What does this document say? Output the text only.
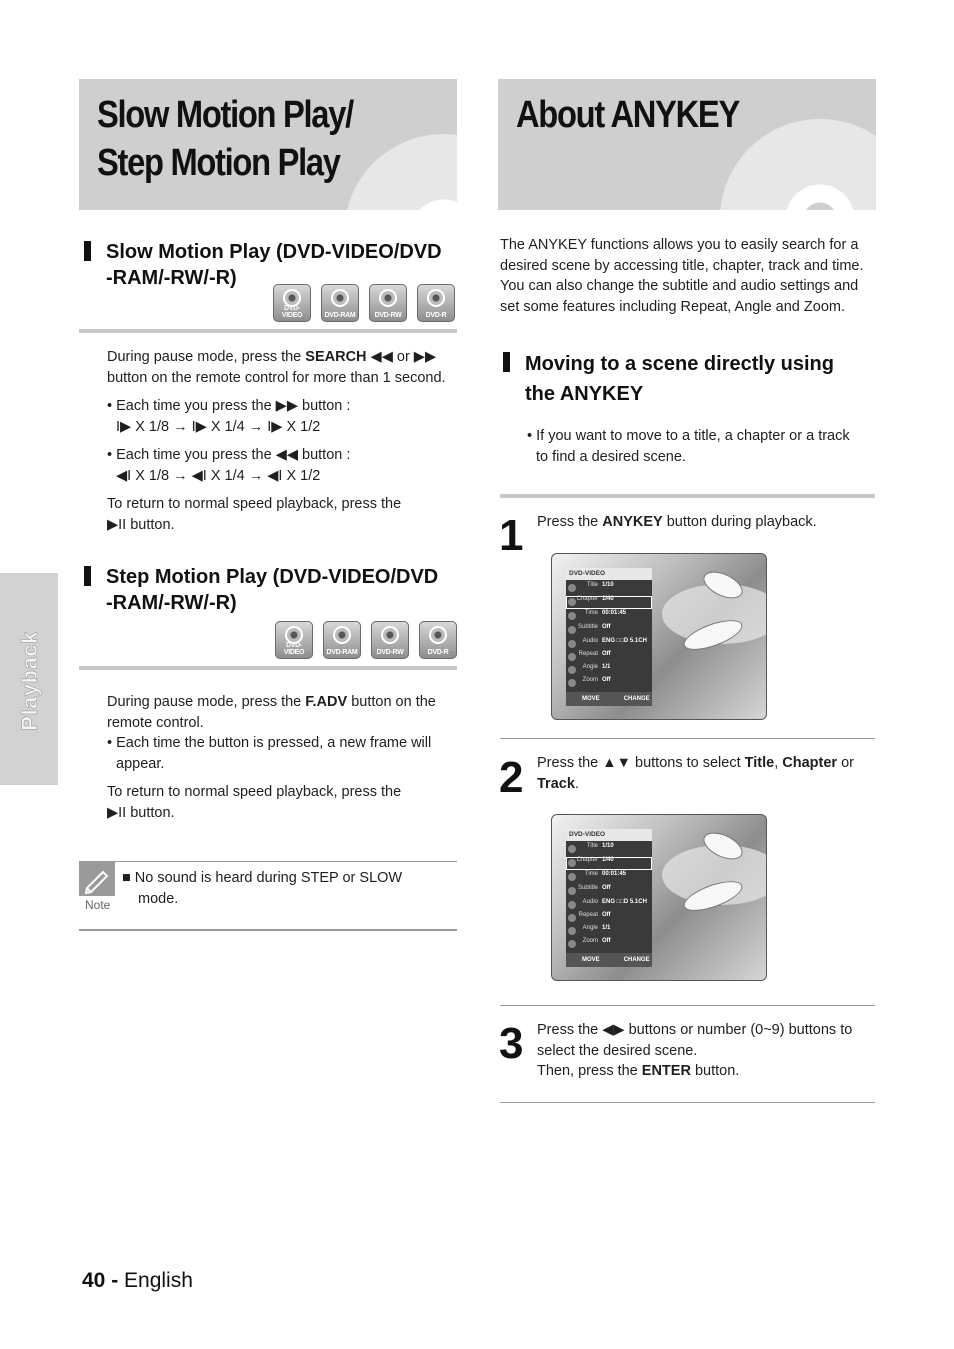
Slow Motion Play/
Step Motion Play
About ANYKEY
Playback
Slow Motion Play (DVD-VIDEO/DVD
-RAM/-RW/-R)
DVD-VIDEO	DVD-RAM	DVD-RW	DVD-R
During pause mode, press the SEARCH ◀◀ or ▶▶
button on the remote control for more than 1 second.
• Each time you press the ▶▶ button :
I▶ X 1/8 → I▶ X 1/4 → I▶ X 1/2
• Each time you press the ◀◀ button :
◀I X 1/8 → ◀I X 1/4 → ◀I X 1/2
To return to normal speed playback, press the
▶II button.
Step Motion Play (DVD-VIDEO/DVD
-RAM/-RW/-R)
DVD-VIDEO	DVD-RAM	DVD-RW	DVD-R
During pause mode, press the F.ADV button on the
remote control.
• Each time the button is pressed, a new frame will
appear.
To return to normal speed playback, press the
▶II button.
Note
■ No sound is heard during STEP or SLOW
mode.
The ANYKEY functions allows you to easily search for a
desired scene by accessing title, chapter, track and time.
You can also change the subtitle and audio settings and
set some features including Repeat, Angle and Zoom.
Moving to a scene directly using
the ANYKEY
• If you want to move to a title, a chapter or a track
to find a desired scene.
1 Press the ANYKEY button during playback.
DVD-VIDEO
Title 1/10
Chapter 1/40
Time 00:01:45
Subtitle Off
Audio ENG □□D 5.1CH
Repeat Off
Angle 1/1
Zoom Off
MOVE	CHANGE
2 Press the ▲▼ buttons to select Title, Chapter or
Track.
DVD-VIDEO
Title 1/10
Chapter 1/40
Time 00:01:45
Subtitle Off
Audio ENG □□D 5.1CH
Repeat Off
Angle 1/1
Zoom Off
MOVE	CHANGE
3 Press the ◀▶ buttons or number (0~9) buttons to
select the desired scene.
Then, press the ENTER button.
40 - English
